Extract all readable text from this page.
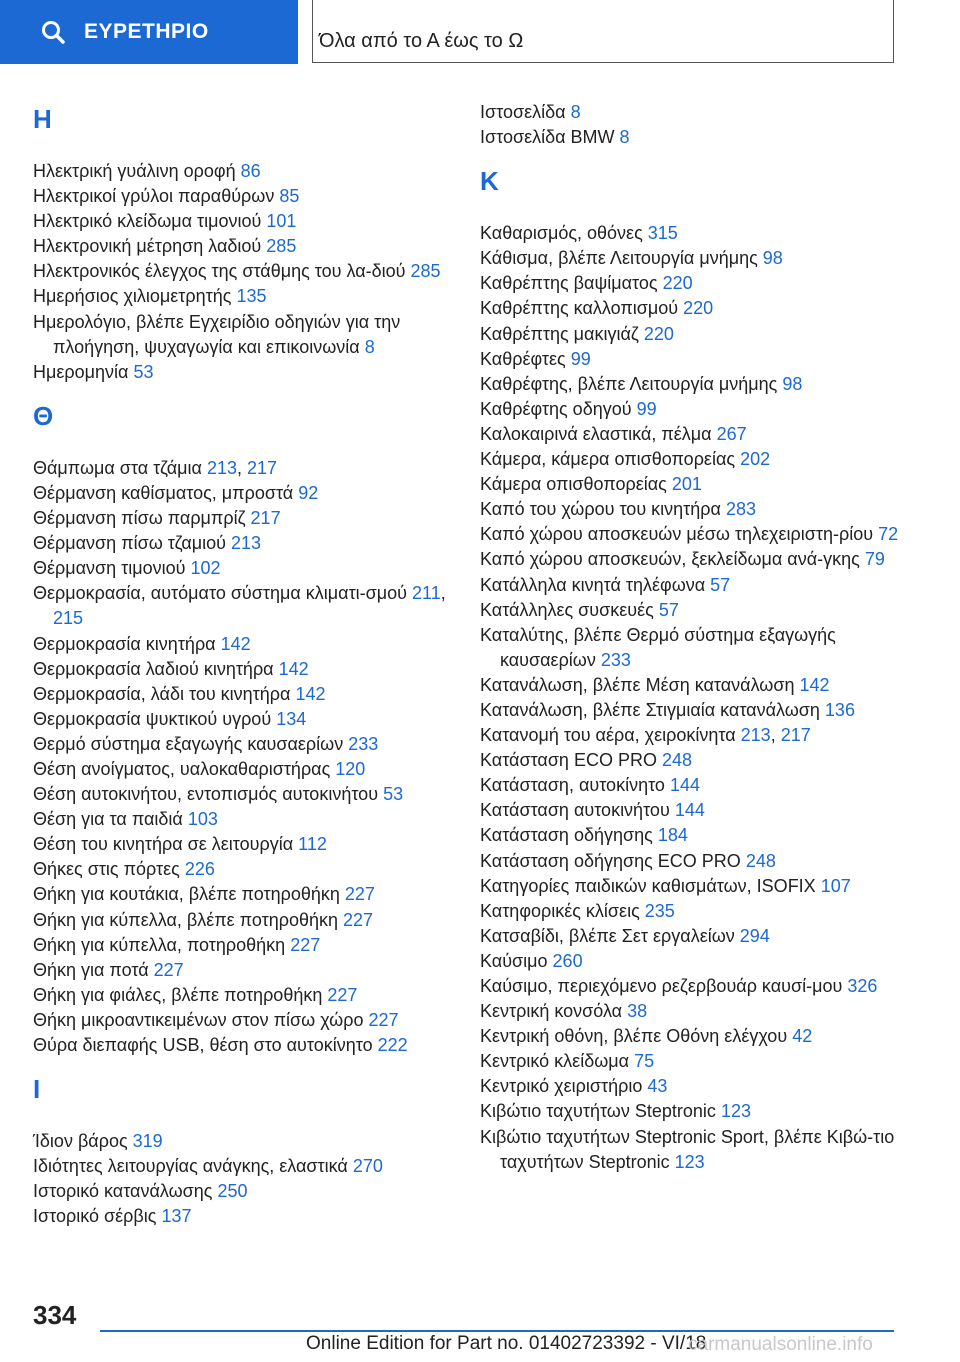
ΕΥΡΕΤΗΡΙΟ	Όλα από το Α έως το Ω
Η
Ηλεκτρική γυάλινη οροφή 86
Ηλεκτρικοί γρύλοι παραθύρων 85
Ηλεκτρικό κλείδωμα τιμονιού 101
Ηλεκτρονική μέτρηση λαδιού 285
Ηλεκτρονικός έλεγχος της στάθμης του λα‐διού 285
Ημερήσιος χιλιομετρητής 135
Ημερολόγιο, βλέπε Εγχειρίδιο οδηγιών για την πλοήγηση, ψυχαγωγία και επικοινωνία 8
Ημερομηνία 53
Θ
Θάμπωμα στα τζάμια 213, 217
Θέρμανση καθίσματος, μπροστά 92
Θέρμανση πίσω παρμπρίζ 217
Θέρμανση πίσω τζαμιού 213
Θέρμανση τιμονιού 102
Θερμοκρασία, αυτόματο σύστημα κλιματι‐σμού 211, 215
Θερμοκρασία κινητήρα 142
Θερμοκρασία λαδιού κινητήρα 142
Θερμοκρασία, λάδι του κινητήρα 142
Θερμοκρασία ψυκτικού υγρού 134
Θερμό σύστημα εξαγωγής καυσαερίων 233
Θέση ανοίγματος, υαλοκαθαριστήρας 120
Θέση αυτοκινήτου, εντοπισμός αυτοκινήτου 53
Θέση για τα παιδιά 103
Θέση του κινητήρα σε λειτουργία 112
Θήκες στις πόρτες 226
Θήκη για κουτάκια, βλέπε ποτηροθήκη 227
Θήκη για κύπελλα, βλέπε ποτηροθήκη 227
Θήκη για κύπελλα, ποτηροθήκη 227
Θήκη για ποτά 227
Θήκη για φιάλες, βλέπε ποτηροθήκη 227
Θήκη μικροαντικειμένων στον πίσω χώρο 227
Θύρα διεπαφής USB, θέση στο αυτοκίνητο 222
Ι
Ίδιον βάρος 319
Ιδιότητες λειτουργίας ανάγκης, ελαστικά 270
Ιστορικό κατανάλωσης 250
Ιστορικό σέρβις 137
Ιστοσελίδα 8
Ιστοσελίδα BMW 8
Κ
Καθαρισμός, οθόνες 315
Κάθισμα, βλέπε Λειτουργία μνήμης 98
Καθρέπτης βαψίματος 220
Καθρέπτης καλλοπισμού 220
Καθρέπτης μακιγιάζ 220
Καθρέφτες 99
Καθρέφτης, βλέπε Λειτουργία μνήμης 98
Καθρέφτης οδηγού 99
Καλοκαιρινά ελαστικά, πέλμα 267
Κάμερα, κάμερα οπισθοπορείας 202
Κάμερα οπισθοπορείας 201
Καπό του χώρου του κινητήρα 283
Καπό χώρου αποσκευών μέσω τηλεχειριστη‐ρίου 72
Καπό χώρου αποσκευών, ξεκλείδωμα ανά‐γκης 79
Κατάλληλα κινητά τηλέφωνα 57
Κατάλληλες συσκευές 57
Καταλύτης, βλέπε Θερμό σύστημα εξαγωγής καυσαερίων 233
Κατανάλωση, βλέπε Μέση κατανάλωση 142
Κατανάλωση, βλέπε Στιγμιαία κατανάλωση 136
Κατανομή του αέρα, χειροκίνητα 213, 217
Κατάσταση ECO PRO 248
Κατάσταση, αυτοκίνητο 144
Κατάσταση αυτοκινήτου 144
Κατάσταση οδήγησης 184
Κατάσταση οδήγησης ECO PRO 248
Κατηγορίες παιδικών καθισμάτων, ISOFIX 107
Κατηφορικές κλίσεις 235
Κατσαβίδι, βλέπε Σετ εργαλείων 294
Καύσιμο 260
Καύσιμο, περιεχόμενο ρεζερβουάρ καυσί‐μου 326
Κεντρική κονσόλα 38
Κεντρική οθόνη, βλέπε Οθόνη ελέγχου 42
Κεντρικό κλείδωμα 75
Κεντρικό χειριστήριο 43
Κιβώτιο ταχυτήτων Steptronic 123
Κιβώτιο ταχυτήτων Steptronic Sport, βλέπε Κιβώ‐τιο ταχυτήτων Steptronic 123
334
Online Edition for Part no. 01402723392 - VI/18
carmanualsonline.info
